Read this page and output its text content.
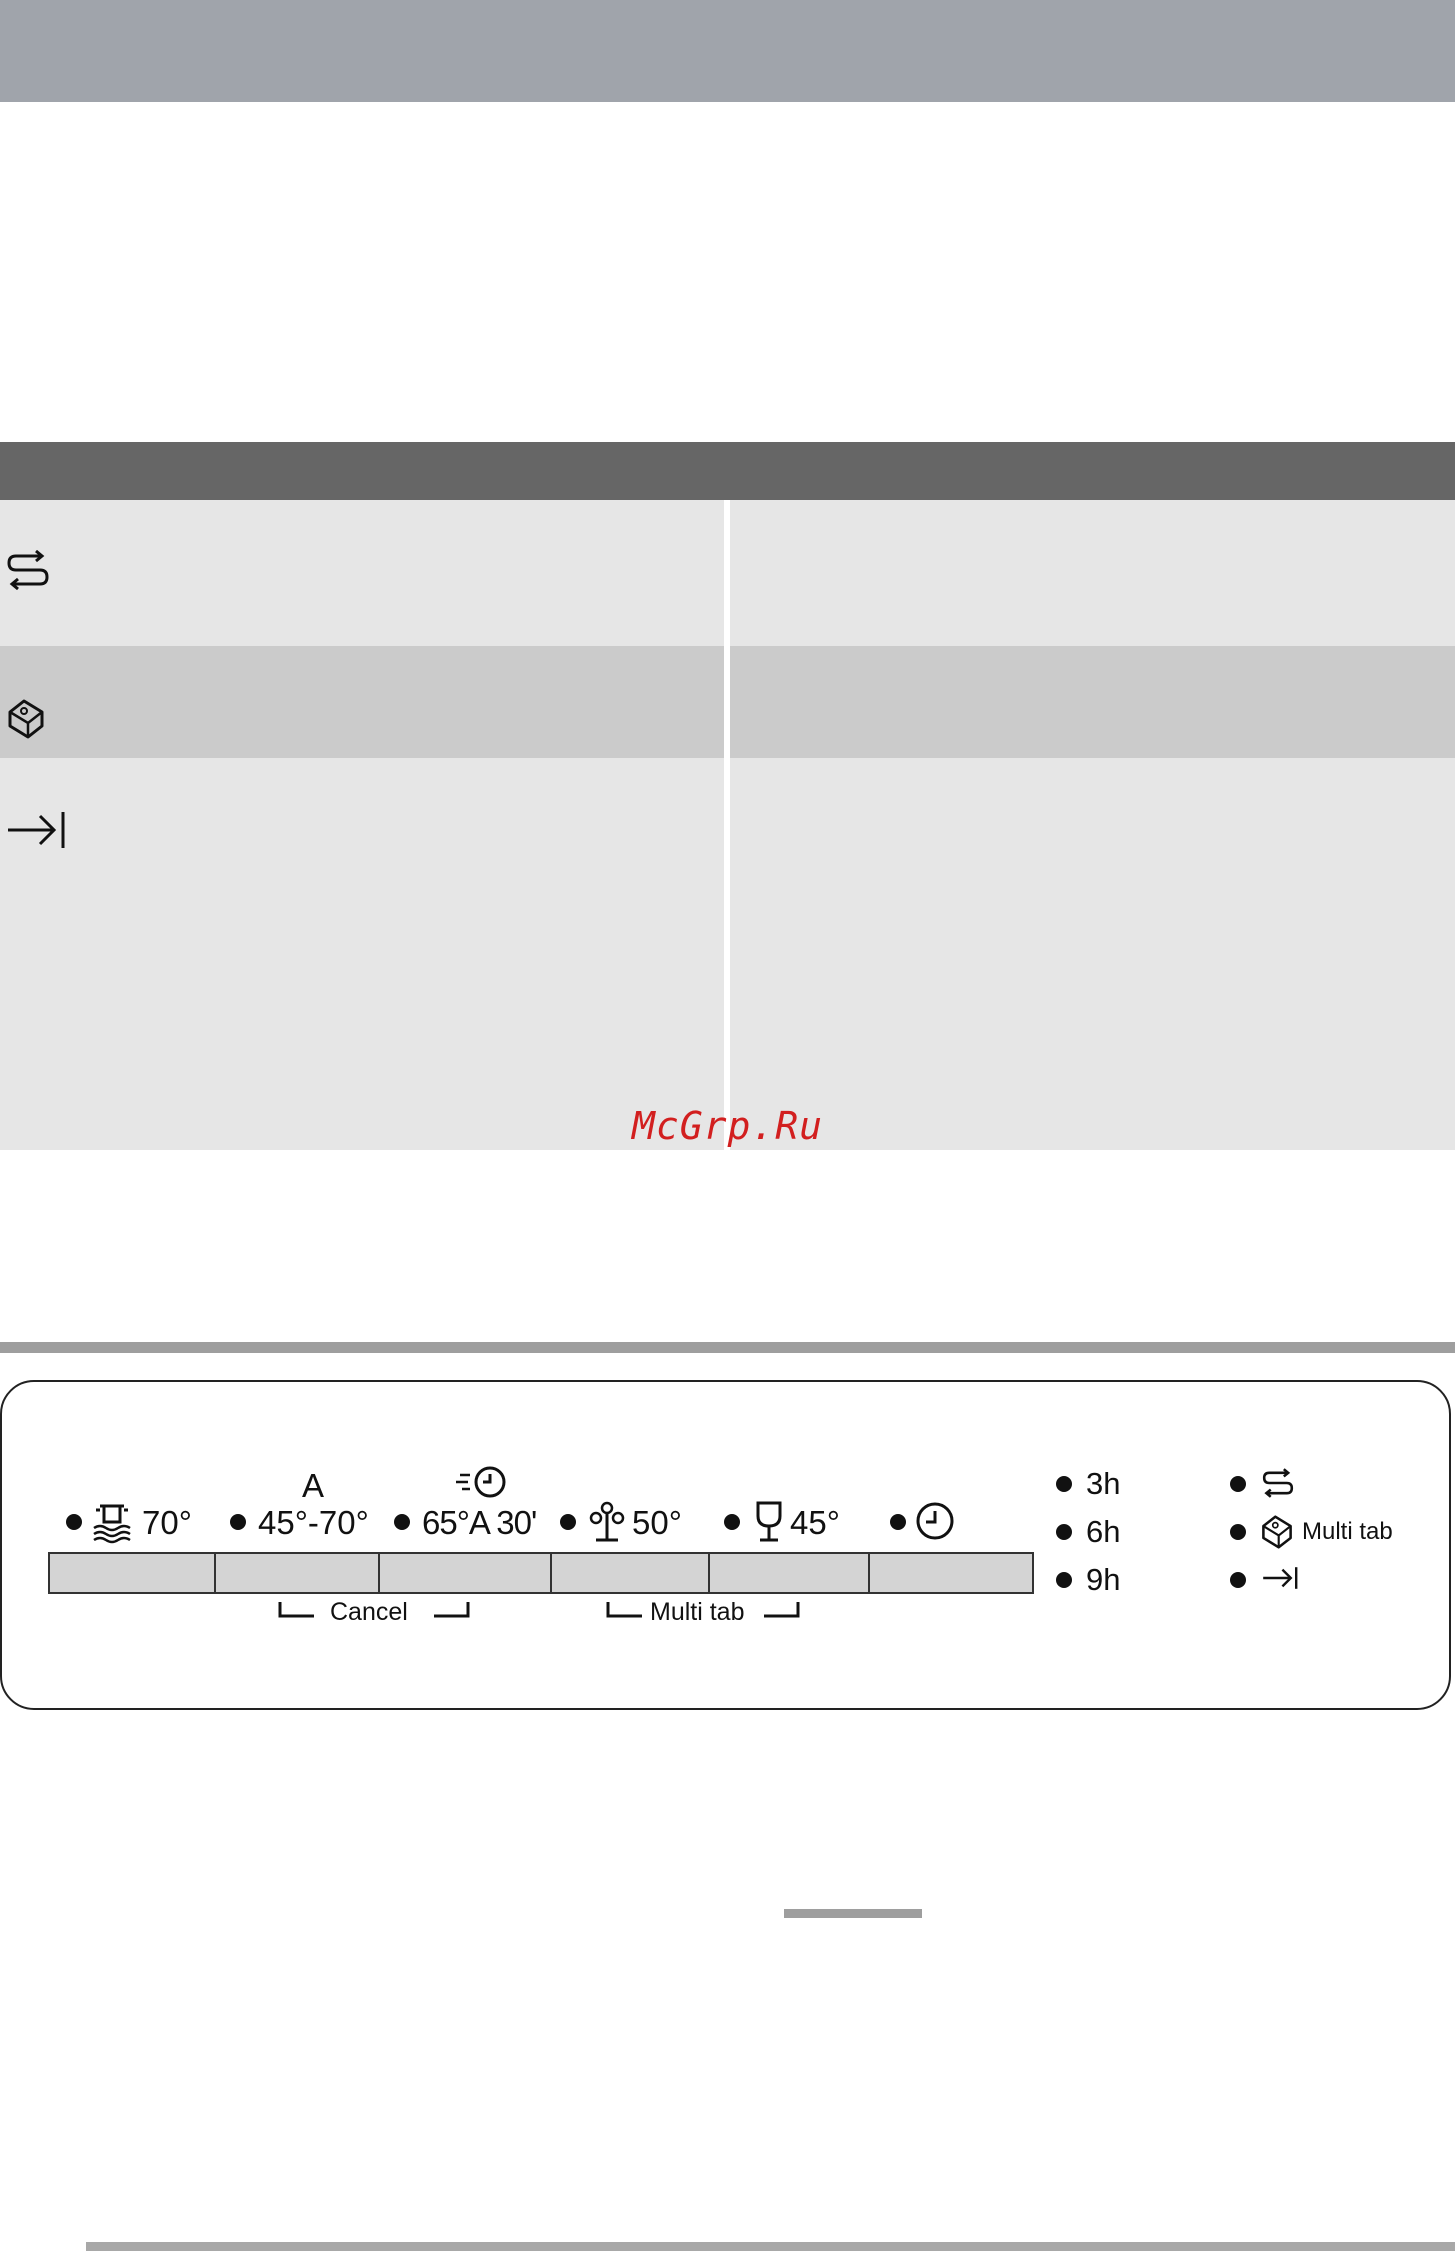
McGrp.Ru
70°
A
45°-70° 65°A 30'	50°	45°
Cancel	Multi tab
3h
6h
9h
Multi tab
